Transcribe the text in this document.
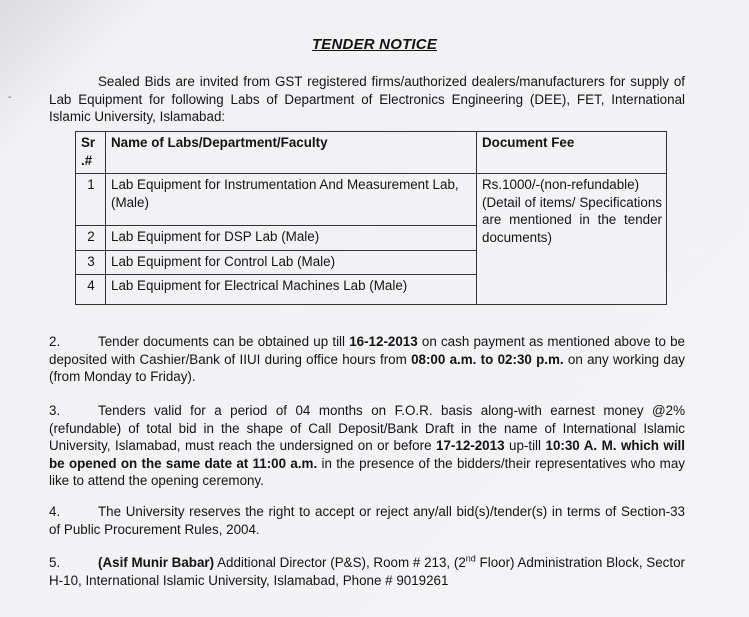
-
TENDER NOTICE
Sealed Bids are invited from GST registered firms/authorized dealers/manufacturers for supply of Lab Equipment for following Labs of Department of Electronics Engineering (DEE), FET, International Islamic University, Islamabad:
Sr .#	Name of Labs/Department/Faculty	Document Fee
1	Lab Equipment for Instrumentation And Measurement Lab, (Male)	Rs.1000/-(non-refundable) (Detail of items/ Specifications are mentioned in the tender documents)
2	Lab Equipment for DSP Lab (Male)	
3	Lab Equipment for Control Lab (Male)	
4	Lab Equipment for Electrical Machines Lab (Male)	
2.	Tender documents can be obtained up till 16-12-2013 on cash payment as mentioned above to be deposited with Cashier/Bank of IIUI during office hours from 08:00 a.m. to 02:30 p.m. on any working day (from Monday to Friday).
3.	Tenders valid for a period of 04 months on F.O.R. basis along-with earnest money @2% (refundable) of total bid in the shape of Call Deposit/Bank Draft in the name of International Islamic University, Islamabad, must reach the undersigned on or before 17-12-2013 up-till 10:30 A. M. which will be opened on the same date at 11:00 a.m. in the presence of the bidders/their representatives who may like to attend the opening ceremony.
4.	The University reserves the right to accept or reject any/all bid(s)/tender(s) in terms of Section-33 of Public Procurement Rules, 2004.
5.	(Asif Munir Babar) Additional Director (P&S), Room # 213, (2nd Floor) Administration Block, Sector H-10, International Islamic University, Islamabad, Phone # 9019261
